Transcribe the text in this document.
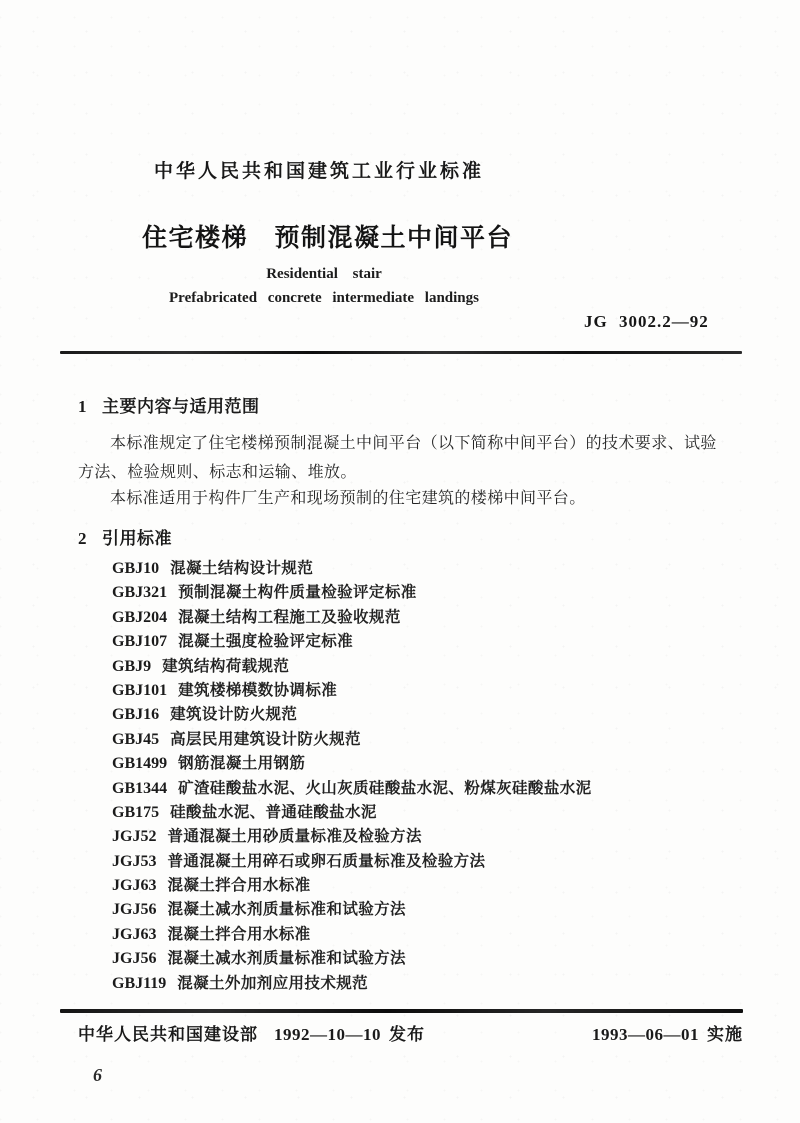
中华人民共和国建筑工业行业标准
住宅楼梯　预制混凝土中间平台
Residential stair
Prefabricated concrete intermediate landings
JG 3002.2—92
1 主要内容与适用范围
本标准规定了住宅楼梯预制混凝土中间平台（以下简称中间平台）的技术要求、试验
方法、检验规则、标志和运输、堆放。
本标准适用于构件厂生产和现场预制的住宅建筑的楼梯中间平台。
2 引用标准
GBJ10 混凝土结构设计规范
GBJ321 预制混凝土构件质量检验评定标准
GBJ204 混凝土结构工程施工及验收规范
GBJ107 混凝土强度检验评定标准
GBJ9 建筑结构荷载规范
GBJ101 建筑楼梯模数协调标准
GBJ16 建筑设计防火规范
GBJ45 高层民用建筑设计防火规范
GB1499 钢筋混凝土用钢筋
GB1344 矿渣硅酸盐水泥、火山灰质硅酸盐水泥、粉煤灰硅酸盐水泥
GB175 硅酸盐水泥、普通硅酸盐水泥
JGJ52 普通混凝土用砂质量标准及检验方法
JGJ53 普通混凝土用碎石或卵石质量标准及检验方法
JGJ63 混凝土拌合用水标准
JGJ56 混凝土减水剂质量标准和试验方法
JGJ63 混凝土拌合用水标准
JGJ56 混凝土减水剂质量标准和试验方法
GBJ119 混凝土外加剂应用技术规范
中华人民共和国建设部 1992—10—10 发布	1993—06—01 实施
6
